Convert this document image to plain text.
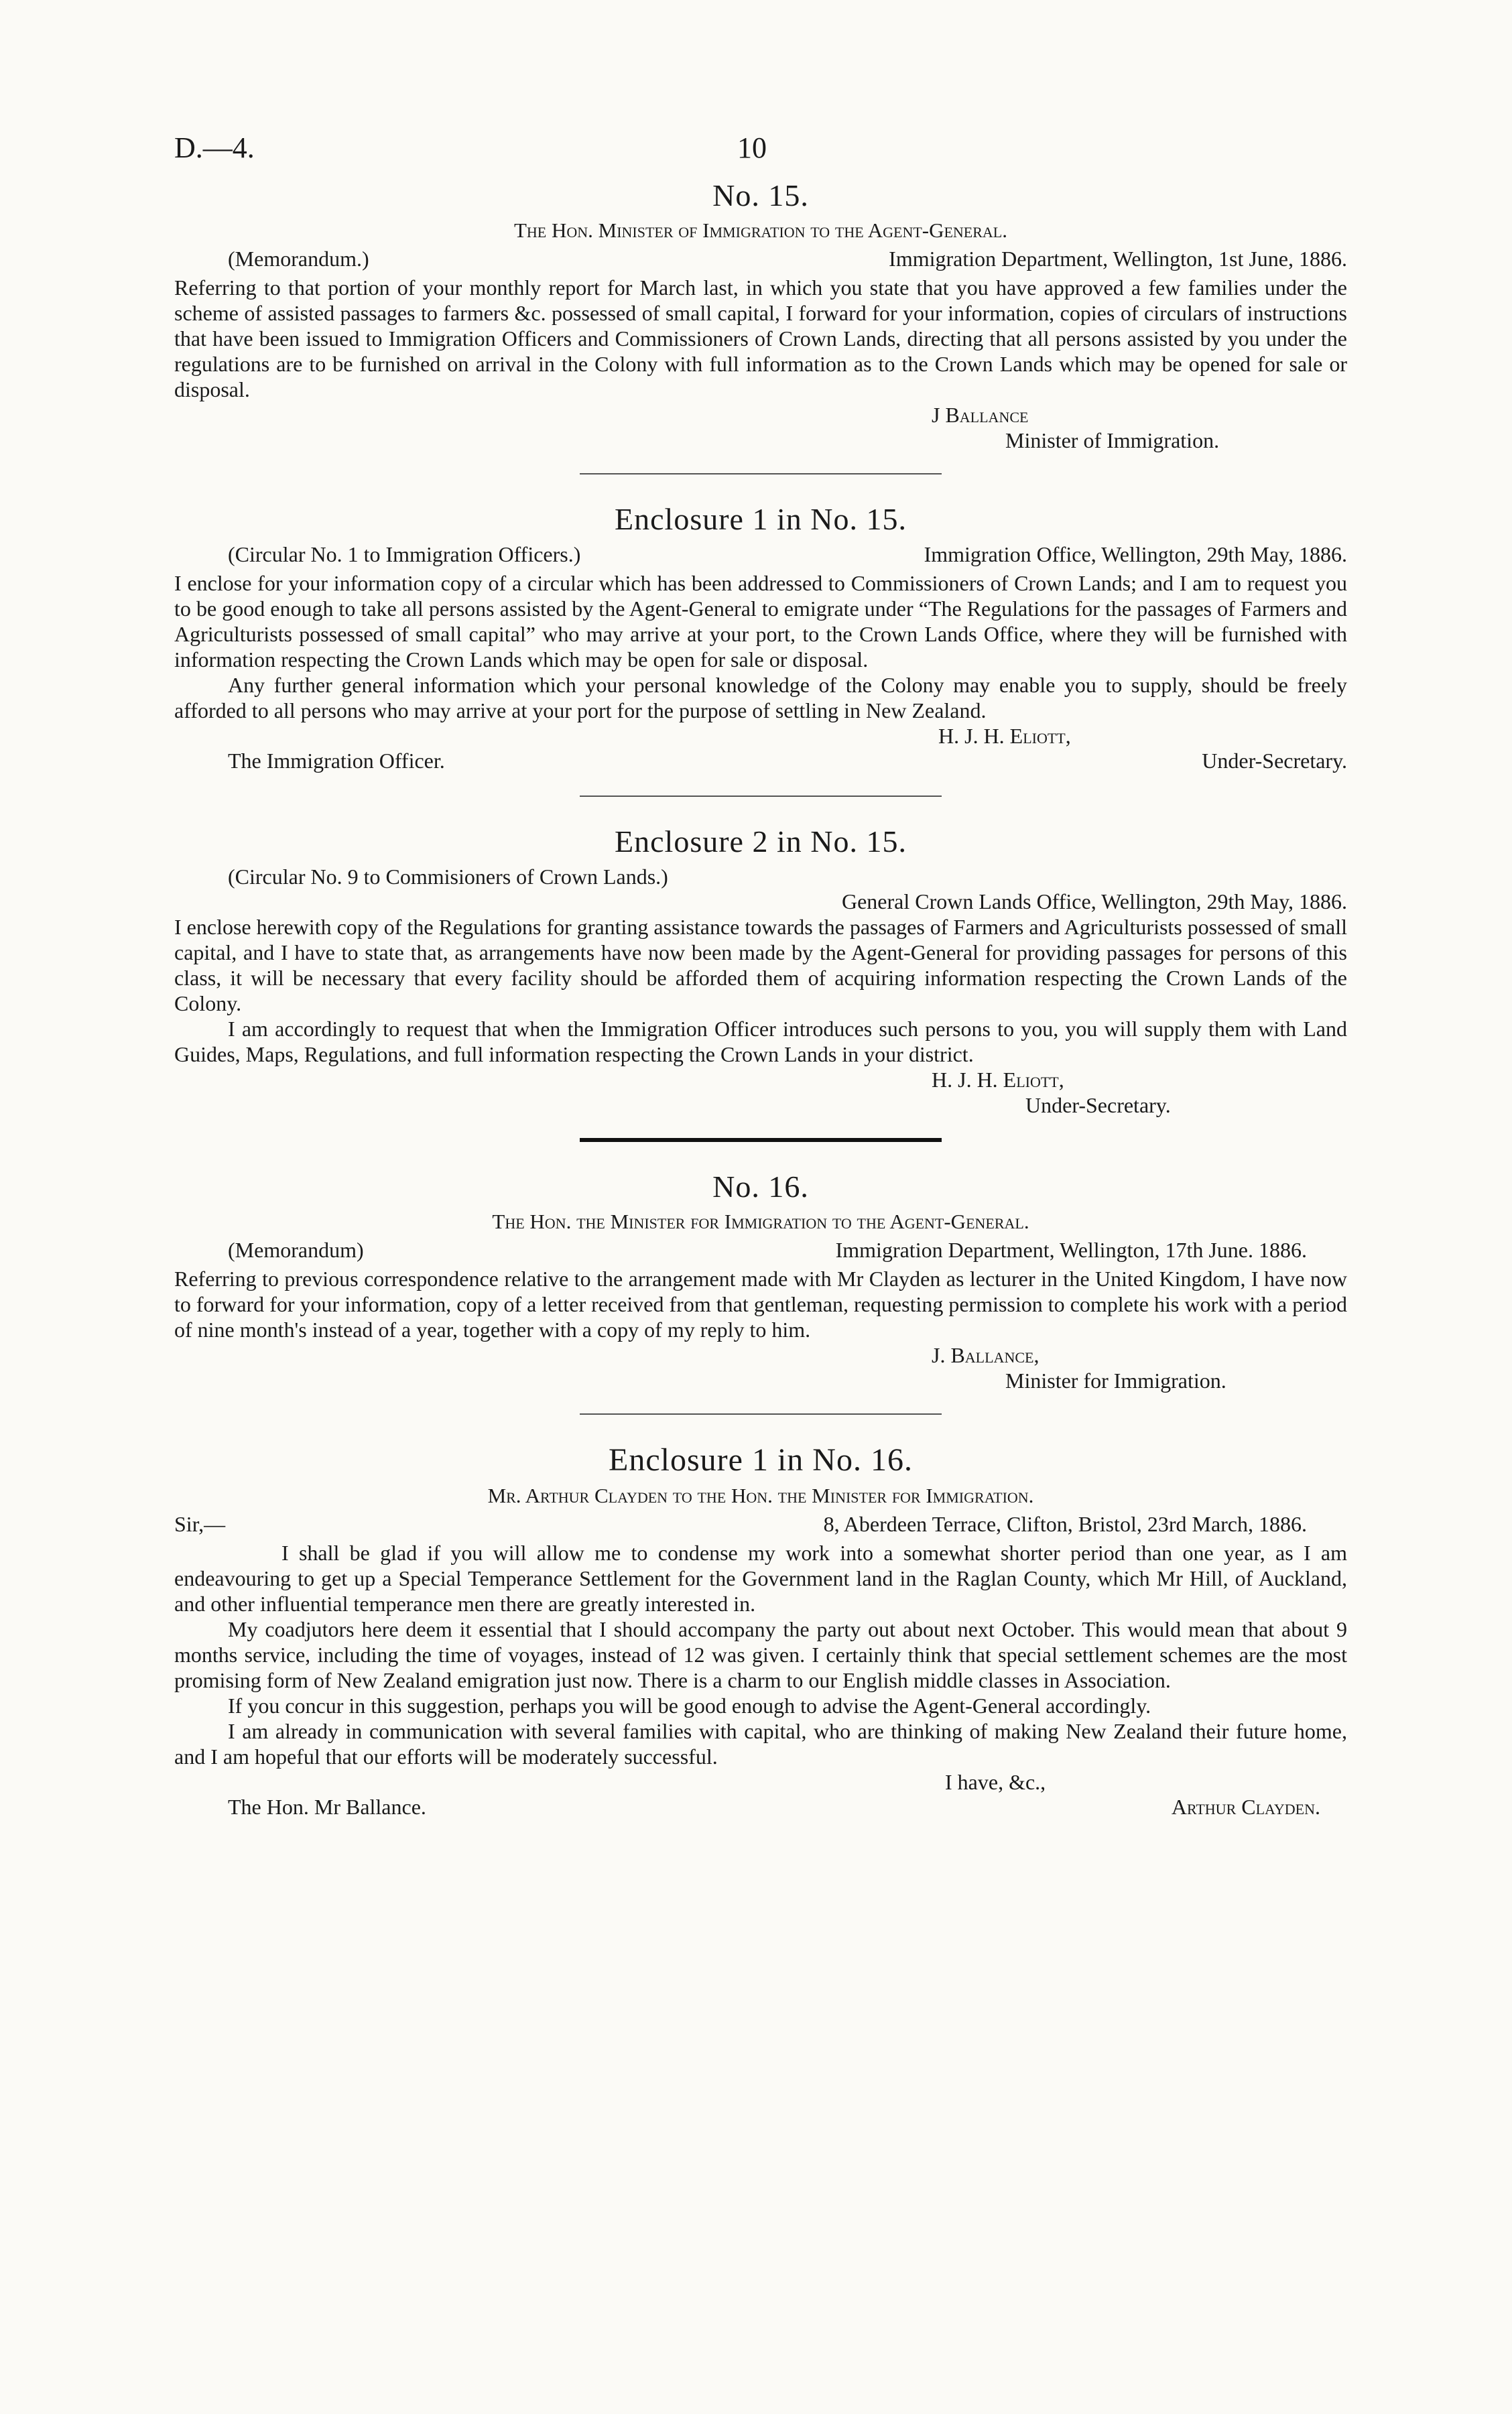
D.—4.	10
No. 15.
The Hon. Minister of Immigration to the Agent-General.
(Memorandum.)	Immigration Department, Wellington, 1st June, 1886.

Referring to that portion of your monthly report for March last, in which you state that you have approved a few families under the scheme of assisted passages to farmers &c. possessed of small capital, I forward for your information, copies of circulars of instructions that have been issued to Immigration Officers and Commissioners of Crown Lands, directing that all persons assisted by you under the regulations are to be furnished on arrival in the Colony with full information as to the Crown Lands which may be opened for sale or disposal.

J Ballance
Minister of Immigration.
Enclosure 1 in No. 15.
(Circular No. 1 to Immigration Officers.)	Immigration Office, Wellington, 29th May, 1886.

I enclose for your information copy of a circular which has been addressed to Commissioners of Crown Lands; and I am to request you to be good enough to take all persons assisted by the Agent-General to emigrate under “The Regulations for the passages of Farmers and Agriculturists possessed of small capital” who may arrive at your port, to the Crown Lands Office, where they will be furnished with information respecting the Crown Lands which may be open for sale or disposal.

Any further general information which your personal knowledge of the Colony may enable you to supply, should be freely afforded to all persons who may arrive at your port for the purpose of settling in New Zealand.

H. J. H. Eliott,
The Immigration Officer.	Under-Secretary.
Enclosure 2 in No. 15.
(Circular No. 9 to Commisioners of Crown Lands.)
General Crown Lands Office, Wellington, 29th May, 1886.

I enclose herewith copy of the Regulations for granting assistance towards the passages of Farmers and Agriculturists possessed of small capital, and I have to state that, as arrangements have now been made by the Agent-General for providing passages for persons of this class, it will be necessary that every facility should be afforded them of acquiring information respecting the Crown Lands of the Colony.

I am accordingly to request that when the Immigration Officer introduces such persons to you, you will supply them with Land Guides, Maps, Regulations, and full information respecting the Crown Lands in your district.

H. J. H. Eliott,
Under-Secretary.
No. 16.
The Hon. the Minister for Immigration to the Agent-General.
(Memorandum)	Immigration Department, Wellington, 17th June. 1886.

Referring to previous correspondence relative to the arrangement made with Mr Clayden as lecturer in the United Kingdom, I have now to forward for your information, copy of a letter received from that gentleman, requesting permission to complete his work with a period of nine month's instead of a year, together with a copy of my reply to him.

J. Ballance,
Minister for Immigration.
Enclosure 1 in No. 16.
Mr. Arthur Clayden to the Hon. the Minister for Immigration.
Sir,—	8, Aberdeen Terrace, Clifton, Bristol, 23rd March, 1886.

I shall be glad if you will allow me to condense my work into a somewhat shorter period than one year, as I am endeavouring to get up a Special Temperance Settlement for the Government land in the Raglan County, which Mr Hill, of Auckland, and other influential temperance men there are greatly interested in.

My coadjutors here deem it essential that I should accompany the party out about next October. This would mean that about 9 months service, including the time of voyages, instead of 12 was given. I certainly think that special settlement schemes are the most promising form of New Zealand emigration just now. There is a charm to our English middle classes in Association.

If you concur in this suggestion, perhaps you will be good enough to advise the Agent-General accordingly.

I am already in communication with several families with capital, who are thinking of making New Zealand their future home, and I am hopeful that our efforts will be moderately successful.

I have, &c.,
The Hon. Mr Ballance.	Arthur Clayden.
